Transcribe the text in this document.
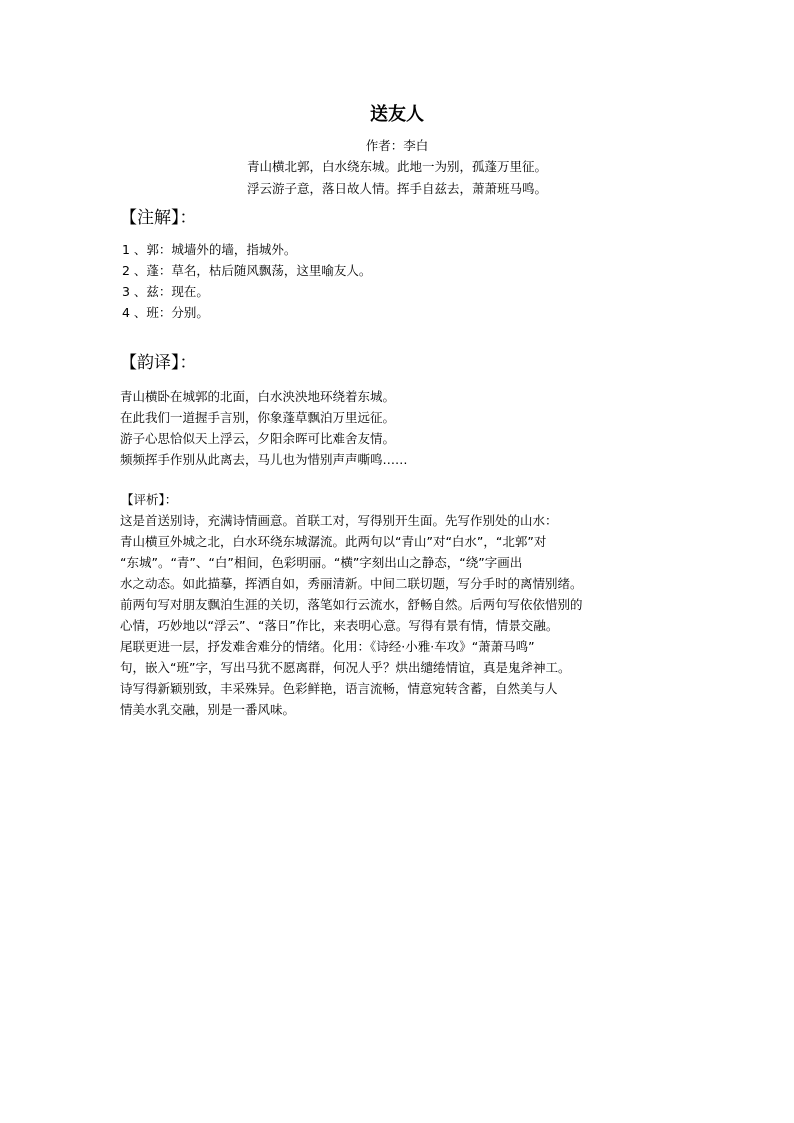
送友人
作者：李白
青山横北郭，白水绕东城。此地一为别，孤蓬万里征。
浮云游子意，落日故人情。挥手自兹去，萧萧班马鸣。
【注解】：
1 、郭：城墙外的墙，指城外。
2 、蓬：草名，枯后随风飘荡，这里喻友人。
3 、兹：现在。
4 、班：分别。
【韵译】：
青山横卧在城郭的北面，白水泱泱地环绕着东城。
在此我们一道握手言别，你象蓬草飘泊万里远征。
游子心思恰似天上浮云，夕阳余晖可比难舍友情。
频频挥手作别从此离去，马儿也为惜别声声嘶鸣……
【评析】：
这是首送别诗，充满诗情画意。首联工对，写得别开生面。先写作别处的山水：
青山横亘外城之北，白水环绕东城潺流。此两句以“青山”对“白水”，“北郭”对
“东城”。“青”、“白”相间，色彩明丽。“横”字刻出山之静态，“绕”字画出
水之动态。如此描摹，挥洒自如，秀丽清新。中间二联切题，写分手时的离情别绪。
前两句写对朋友飘泊生涯的关切，落笔如行云流水，舒畅自然。后两句写依依惜别的
心情，巧妙地以“浮云”、“落日”作比，来表明心意。写得有景有情，情景交融。
尾联更进一层，抒发难舍难分的情绪。化用：《诗经·小雅·车攻》“萧萧马鸣”
句，嵌入“班”字，写出马犹不愿离群，何况人乎？烘出缱绻情谊，真是鬼斧神工。
诗写得新颖别致，丰采殊异。色彩鲜艳，语言流畅，情意宛转含蓄，自然美与人
情美水乳交融，别是一番风味。
